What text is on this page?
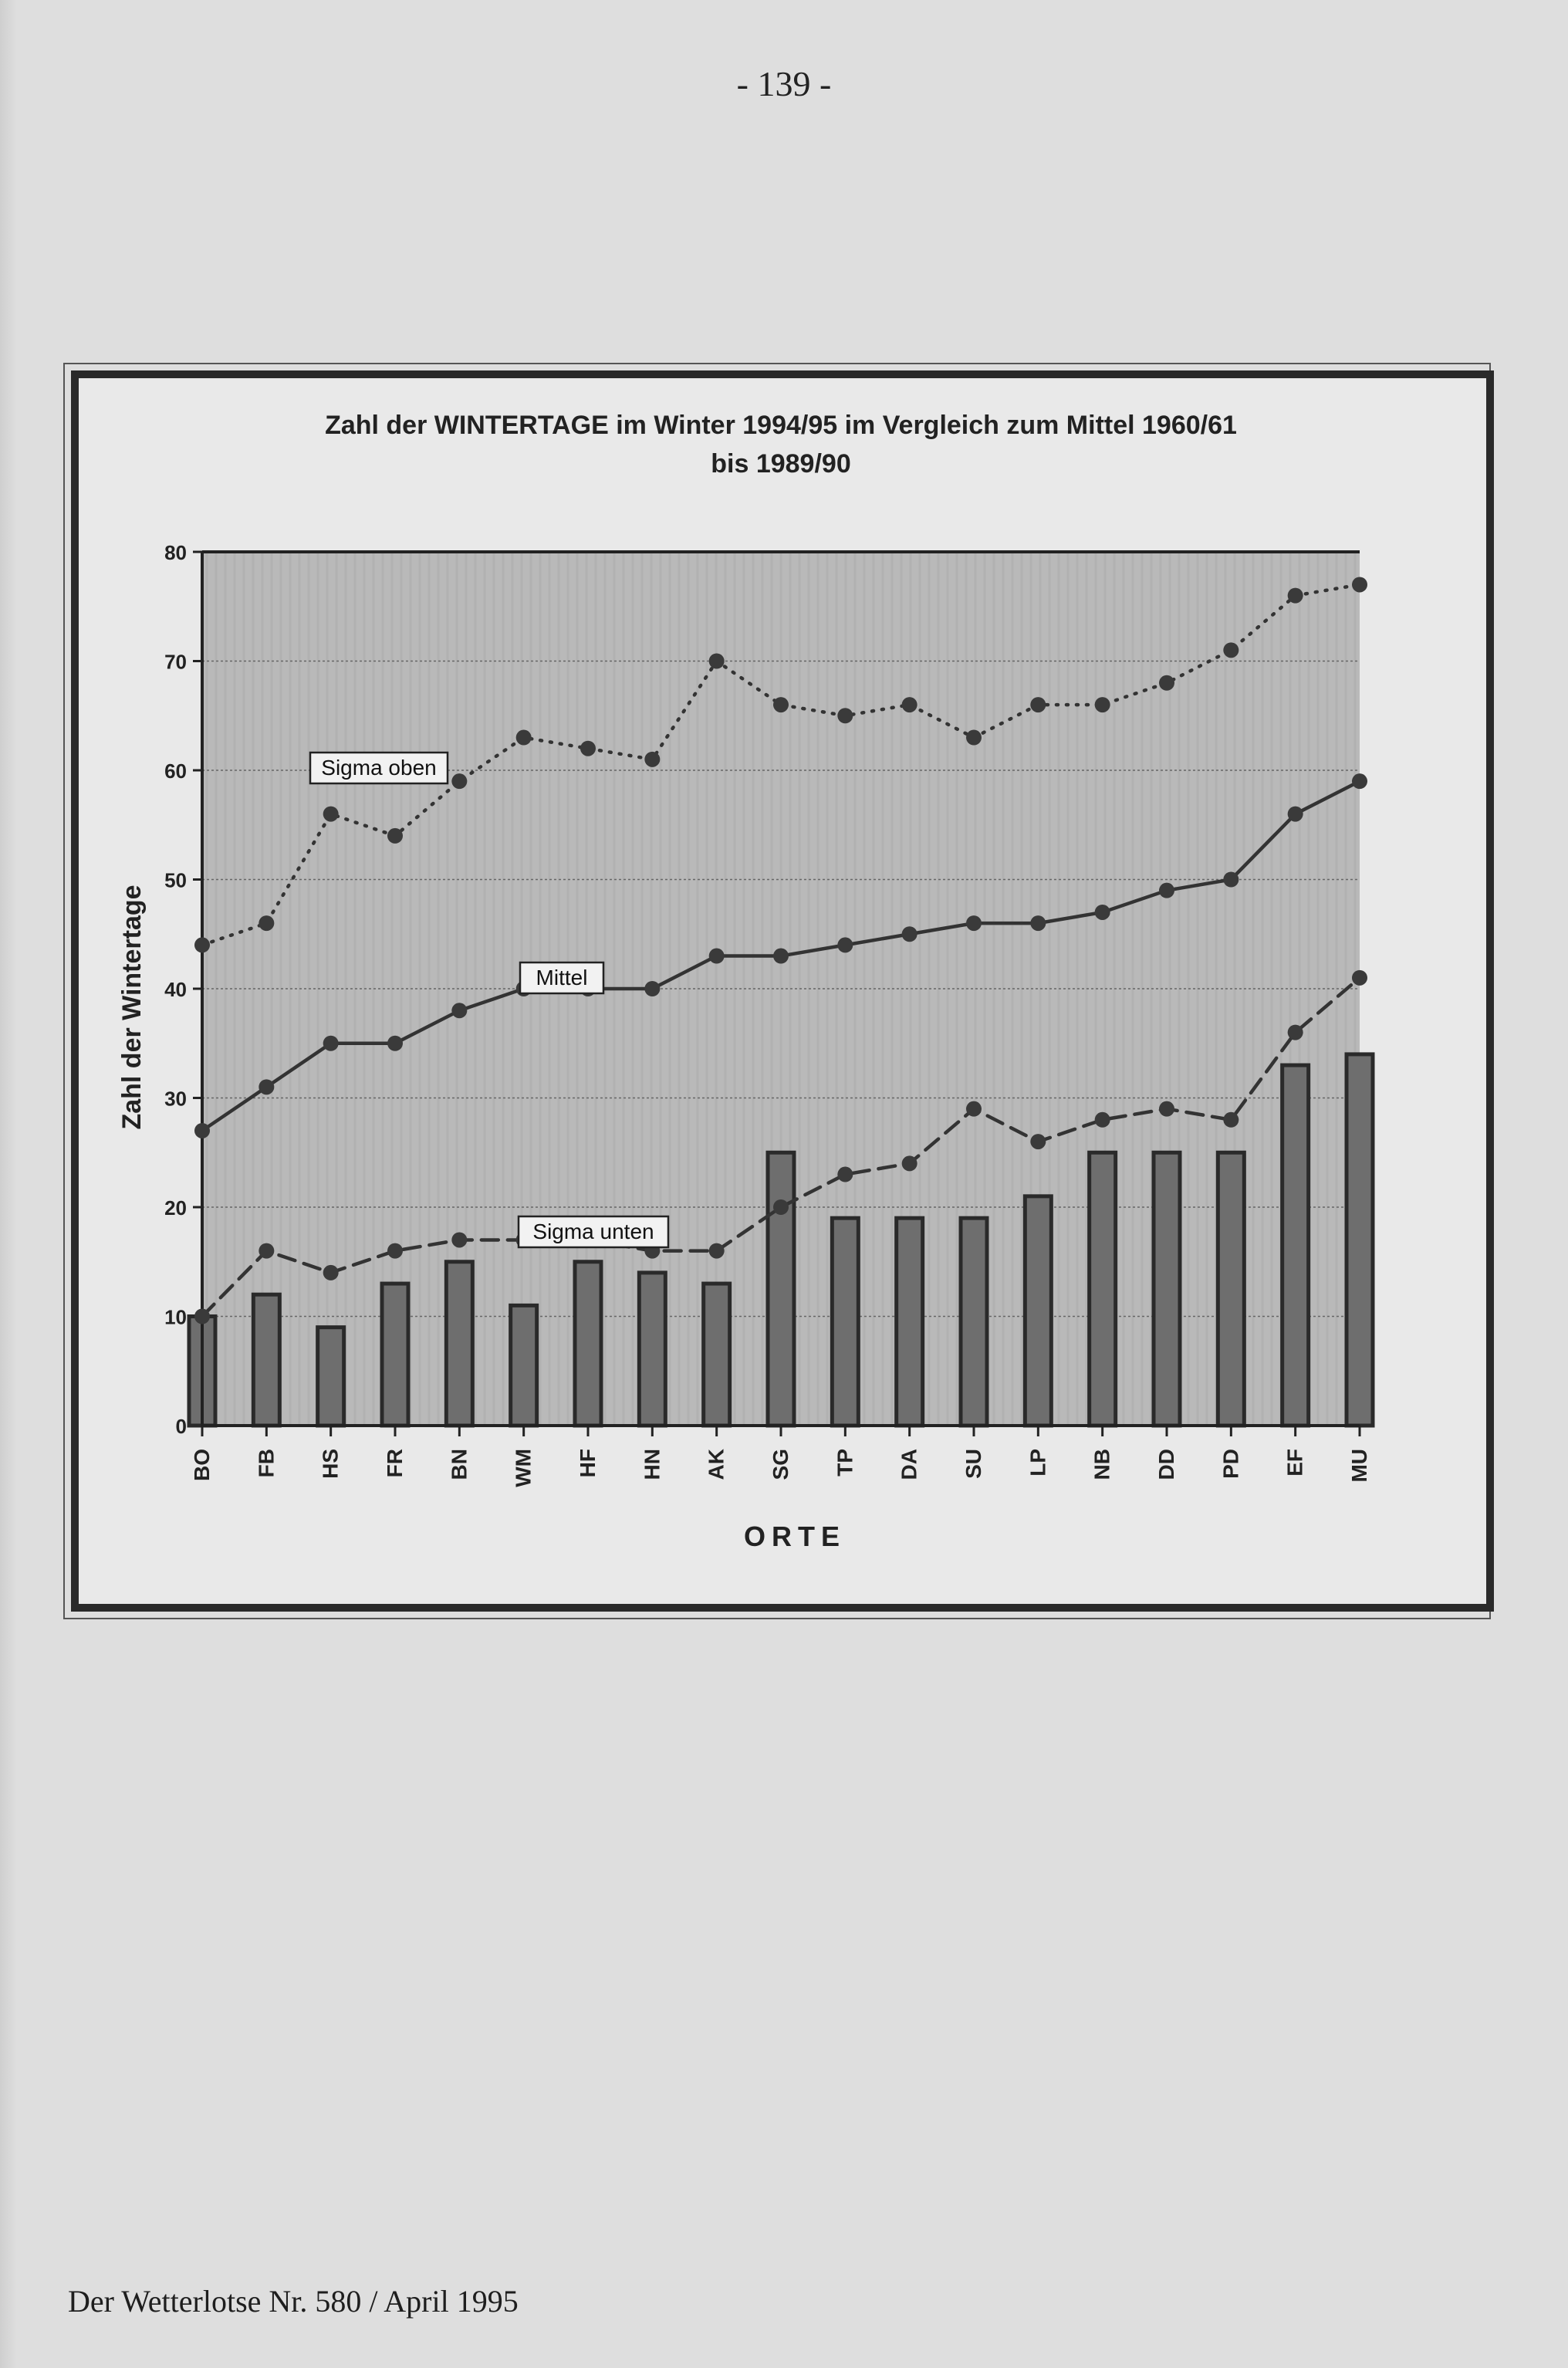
- 139 -
Zahl der WINTERTAGE im Winter 1994/95 im Vergleich zum Mittel 1960/61
bis 1989/90
Zahl der Wintertage
ORTE
0
10
20
30
40
50
60
70
80
BO FB HS FR BN WM HF HN AK SG TP DA SU LP NB DD PD EF MU
Sigma oben
Mittel
Sigma unten
Der Wetterlotse Nr. 580 / April 1995
